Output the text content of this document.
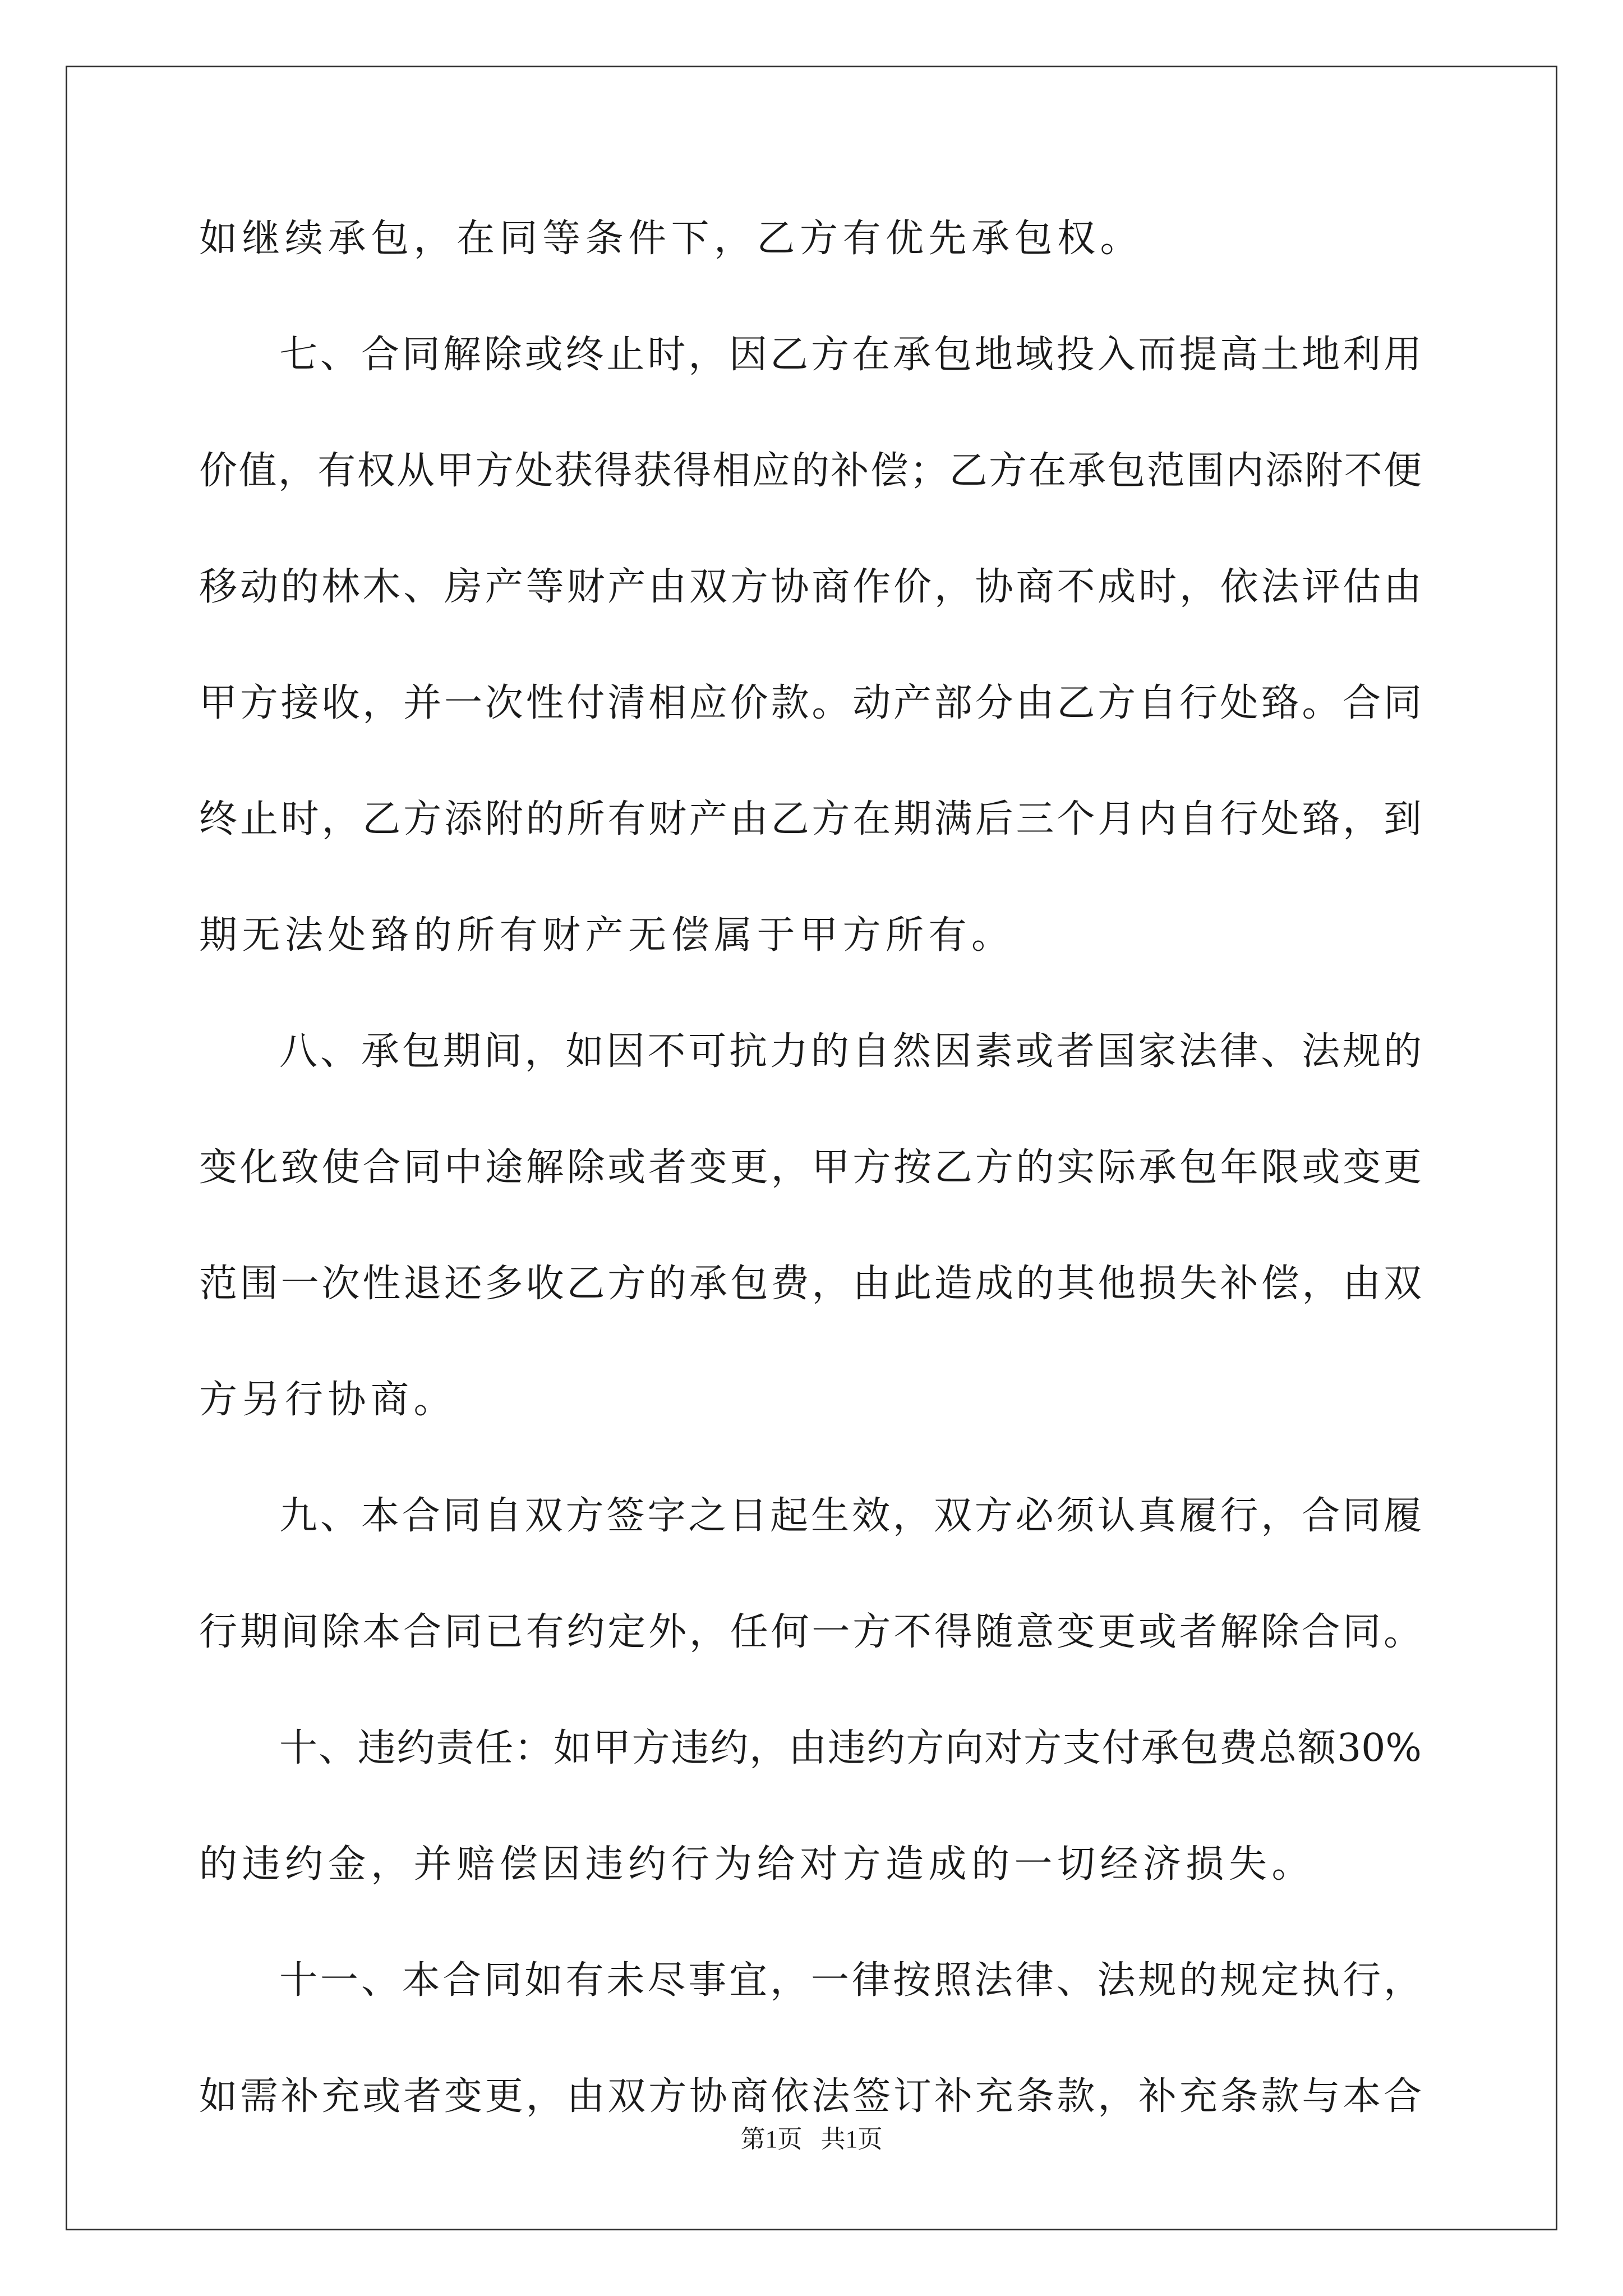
如继续承包，在同等条件下，乙方有优先承包权。
七、合同解除或终止时，因乙方在承包地域投入而提高土地利用
价值，有权从甲方处获得获得相应的补偿；乙方在承包范围内添附不便
移动的林木、房产等财产由双方协商作价，协商不成时，依法评估由
甲方接收，并一次性付清相应价款。动产部分由乙方自行处臵。合同
终止时，乙方添附的所有财产由乙方在期满后三个月内自行处臵，到
期无法处臵的所有财产无偿属于甲方所有。
八、承包期间，如因不可抗力的自然因素或者国家法律、法规的
变化致使合同中途解除或者变更，甲方按乙方的实际承包年限或变更
范围一次性退还多收乙方的承包费，由此造成的其他损失补偿，由双
方另行协商。
九、本合同自双方签字之日起生效，双方必须认真履行，合同履
行期间除本合同已有约定外，任何一方不得随意变更或者解除合同。
十、违约责任：如甲方违约，由违约方向对方支付承包费总额30%
的违约金，并赔偿因违约行为给对方造成的一切经济损失。
十一、本合同如有未尽事宜，一律按照法律、法规的规定执行，
如需补充或者变更，由双方协商依法签订补充条款，补充条款与本合
第1页   共1页
